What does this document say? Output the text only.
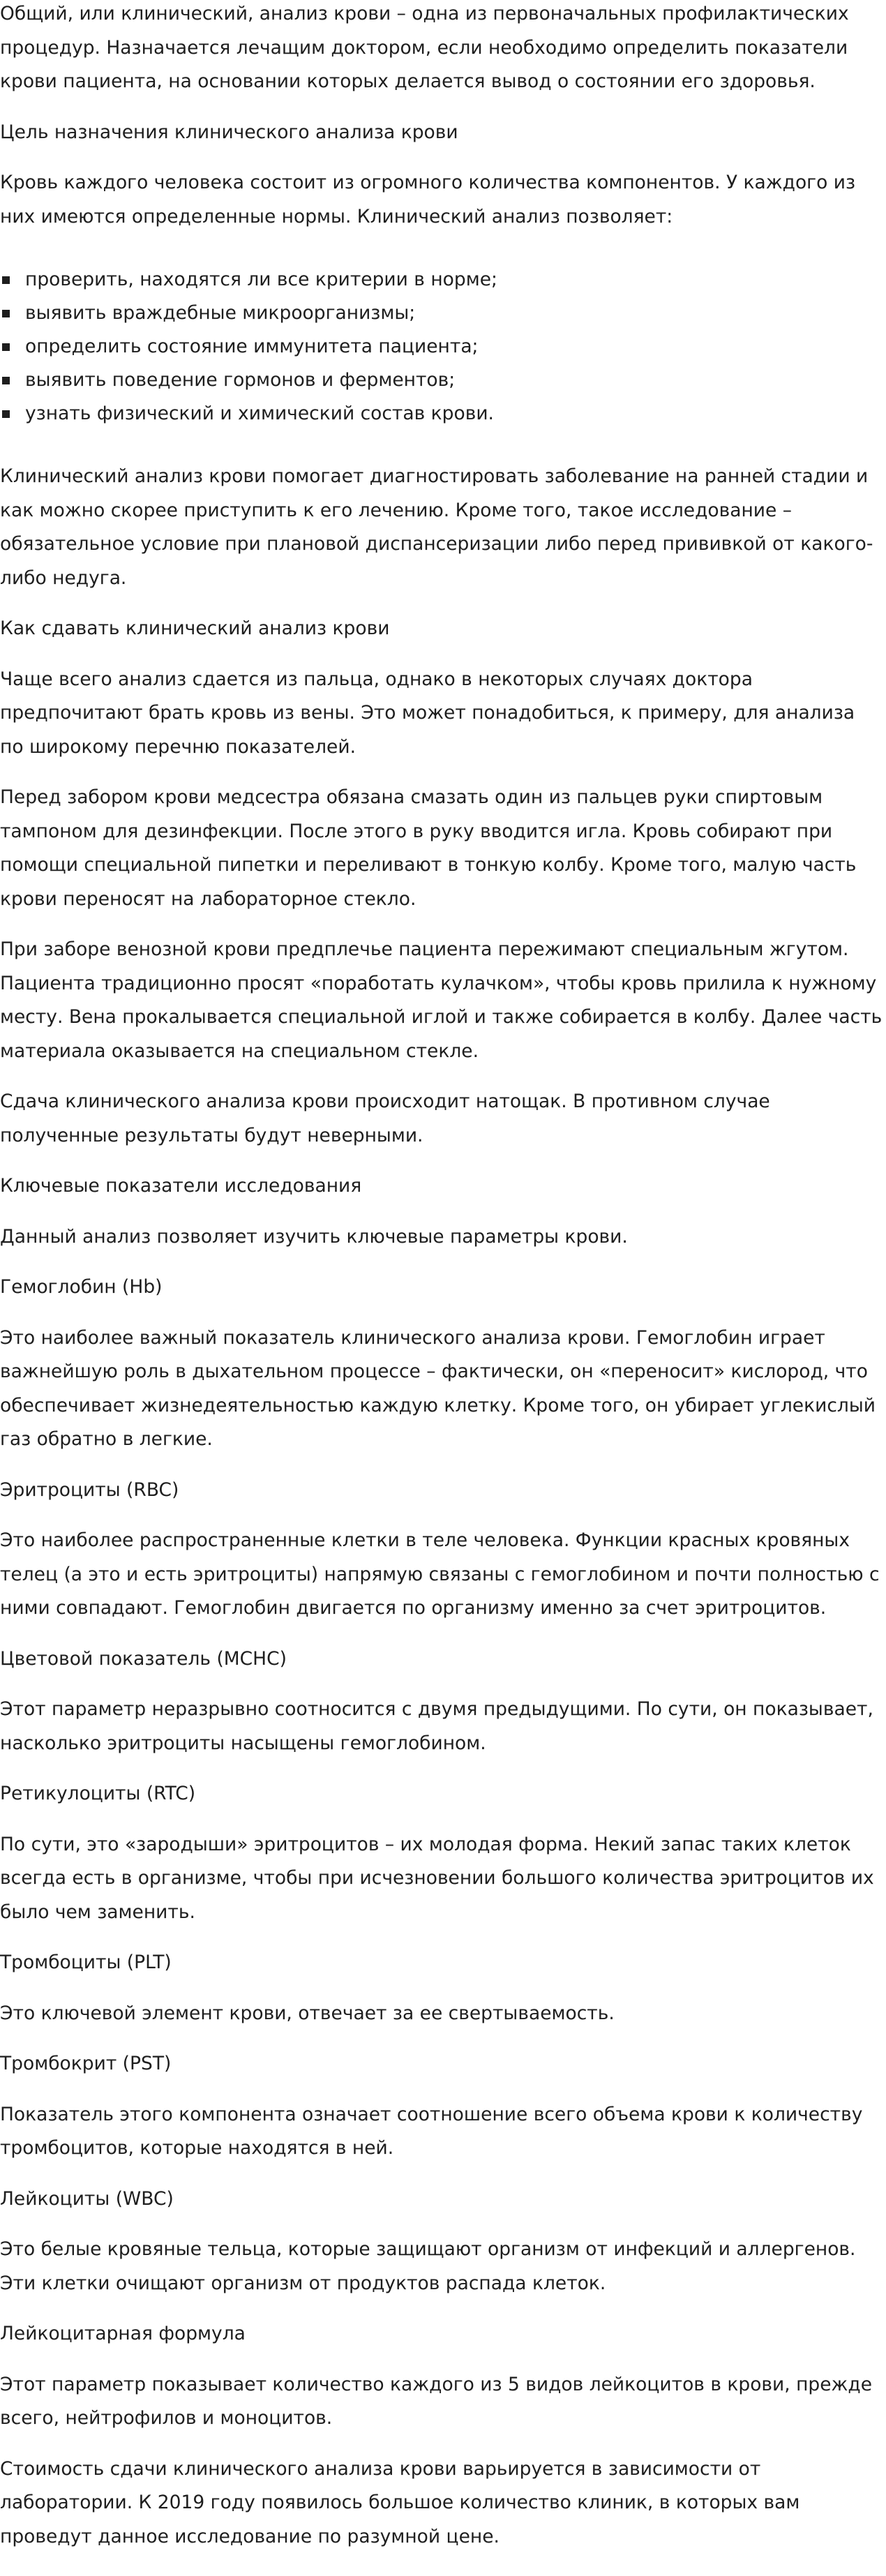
Общий, или клинический, анализ крови – одна из первоначальных профилактических процедур. Назначается лечащим доктором, если необходимо определить показатели крови пациента, на основании которых делается вывод о состоянии его здоровья.

Цель назначения клинического анализа крови

Кровь каждого человека состоит из огромного количества компонентов. У каждого из них имеются определенные нормы. Клинический анализ позволяет:

проверить, находятся ли все критерии в норме;
выявить враждебные микроорганизмы;
определить состояние иммунитета пациента;
выявить поведение гормонов и ферментов;
узнать физический и химический состав крови.

Клинический анализ крови помогает диагностировать заболевание на ранней стадии и как можно скорее приступить к его лечению. Кроме того, такое исследование – обязательное условие при плановой диспансеризации либо перед прививкой от какого-либо недуга.

Как сдавать клинический анализ крови

Чаще всего анализ сдается из пальца, однако в некоторых случаях доктора предпочитают брать кровь из вены. Это может понадобиться, к примеру, для анализа по широкому перечню показателей.

Перед забором крови медсестра обязана смазать один из пальцев руки спиртовым тампоном для дезинфекции. После этого в руку вводится игла. Кровь собирают при помощи специальной пипетки и переливают в тонкую колбу. Кроме того, малую часть крови переносят на лабораторное стекло.

При заборе венозной крови предплечье пациента пережимают специальным жгутом. Пациента традиционно просят «поработать кулачком», чтобы кровь прилила к нужному месту. Вена прокалывается специальной иглой и также собирается в колбу. Далее часть материала оказывается на специальном стекле.

Сдача клинического анализа крови происходит натощак. В противном случае полученные результаты будут неверными.

Ключевые показатели исследования

Данный анализ позволяет изучить ключевые параметры крови.

Гемоглобин (Hb)

Это наиболее важный показатель клинического анализа крови. Гемоглобин играет важнейшую роль в дыхательном процессе – фактически, он «переносит» кислород, что обеспечивает жизнедеятельностью каждую клетку. Кроме того, он убирает углекислый газ обратно в легкие.

Эритроциты (RBC)

Это наиболее распространенные клетки в теле человека. Функции красных кровяных телец (а это и есть эритроциты) напрямую связаны с гемоглобином и почти полностью с ними совпадают. Гемоглобин двигается по организму именно за счет эритроцитов.

Цветовой показатель (MCHC)

Этот параметр неразрывно соотносится с двумя предыдущими. По сути, он показывает, насколько эритроциты насыщены гемоглобином.

Ретикулоциты (RTC)

По сути, это «зародыши» эритроцитов – их молодая форма. Некий запас таких клеток всегда есть в организме, чтобы при исчезновении большого количества эритроцитов их было чем заменить.

Тромбоциты (PLT)

Это ключевой элемент крови, отвечает за ее свертываемость.

Тромбокрит (PST)

Показатель этого компонента означает соотношение всего объема крови к количеству тромбоцитов, которые находятся в ней.

Лейкоциты (WBC)

Это белые кровяные тельца, которые защищают организм от инфекций и аллергенов. Эти клетки очищают организм от продуктов распада клеток.

Лейкоцитарная формула

Этот параметр показывает количество каждого из 5 видов лейкоцитов в крови, прежде всего, нейтрофилов и моноцитов.

Стоимость сдачи клинического анализа крови варьируется в зависимости от лаборатории. К 2019 году появилось большое количество клиник, в которых вам проведут данное исследование по разумной цене.
